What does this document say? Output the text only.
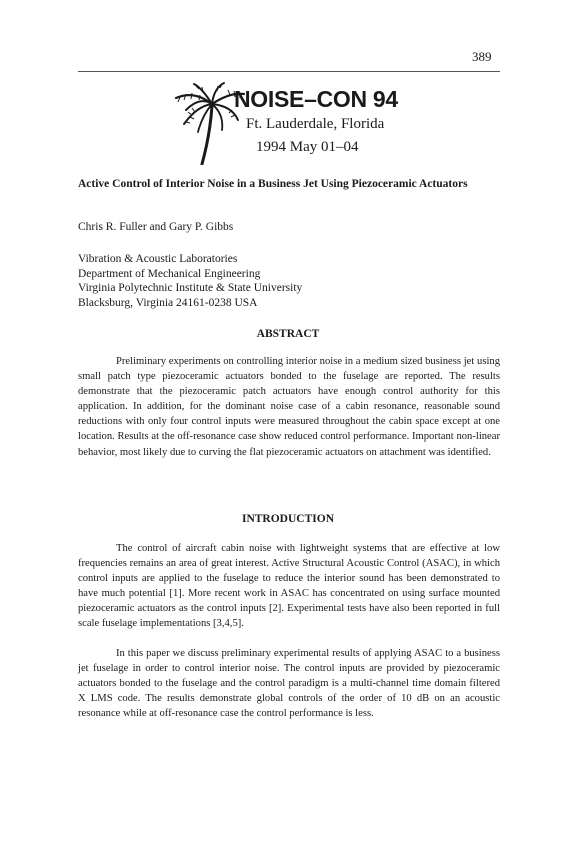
389
NOISE–CON 94
Ft. Lauderdale, Florida
1994 May 01–04
Active Control of Interior Noise in a Business Jet Using Piezoceramic Actuators
Chris R. Fuller and Gary P. Gibbs
Vibration & Acoustic Laboratories
Department of Mechanical Engineering
Virginia Polytechnic Institute & State University
Blacksburg, Virginia 24161-0238 USA
ABSTRACT

Preliminary experiments on controlling interior noise in a medium sized business jet using small patch type piezoceramic actuators bonded to the fuselage are reported. The results demonstrate that the piezoceramic patch actuators have enough control authority for this application. In addition, for the dominant noise case of a cabin resonance, reasonable sound reductions with only four control inputs were measured throughout the cabin space except at one location. Results at the off-resonance case show reduced control performance. Important non-linear behavior, most likely due to curving the flat piezoceramic actuators on attachment was identified.

INTRODUCTION

The control of aircraft cabin noise with lightweight systems that are effective at low frequencies remains an area of great interest. Active Structural Acoustic Control (ASAC), in which control inputs are applied to the fuselage to reduce the interior sound has been demonstrated to have much potential [1]. More recent work in ASAC has concentrated on using surface mounted piezoceramic actuators as the control inputs [2]. Experimental tests have also been reported in full scale fuselage implementations [3,4,5].

In this paper we discuss preliminary experimental results of applying ASAC to a business jet fuselage in order to control interior noise. The control inputs are provided by piezoceramic actuators bonded to the fuselage and the control paradigm is a multi-channel time domain filtered X LMS code. The results demonstrate global controls of the order of 10 dB on an acoustic resonance while at off-resonance case the control performance is less.
